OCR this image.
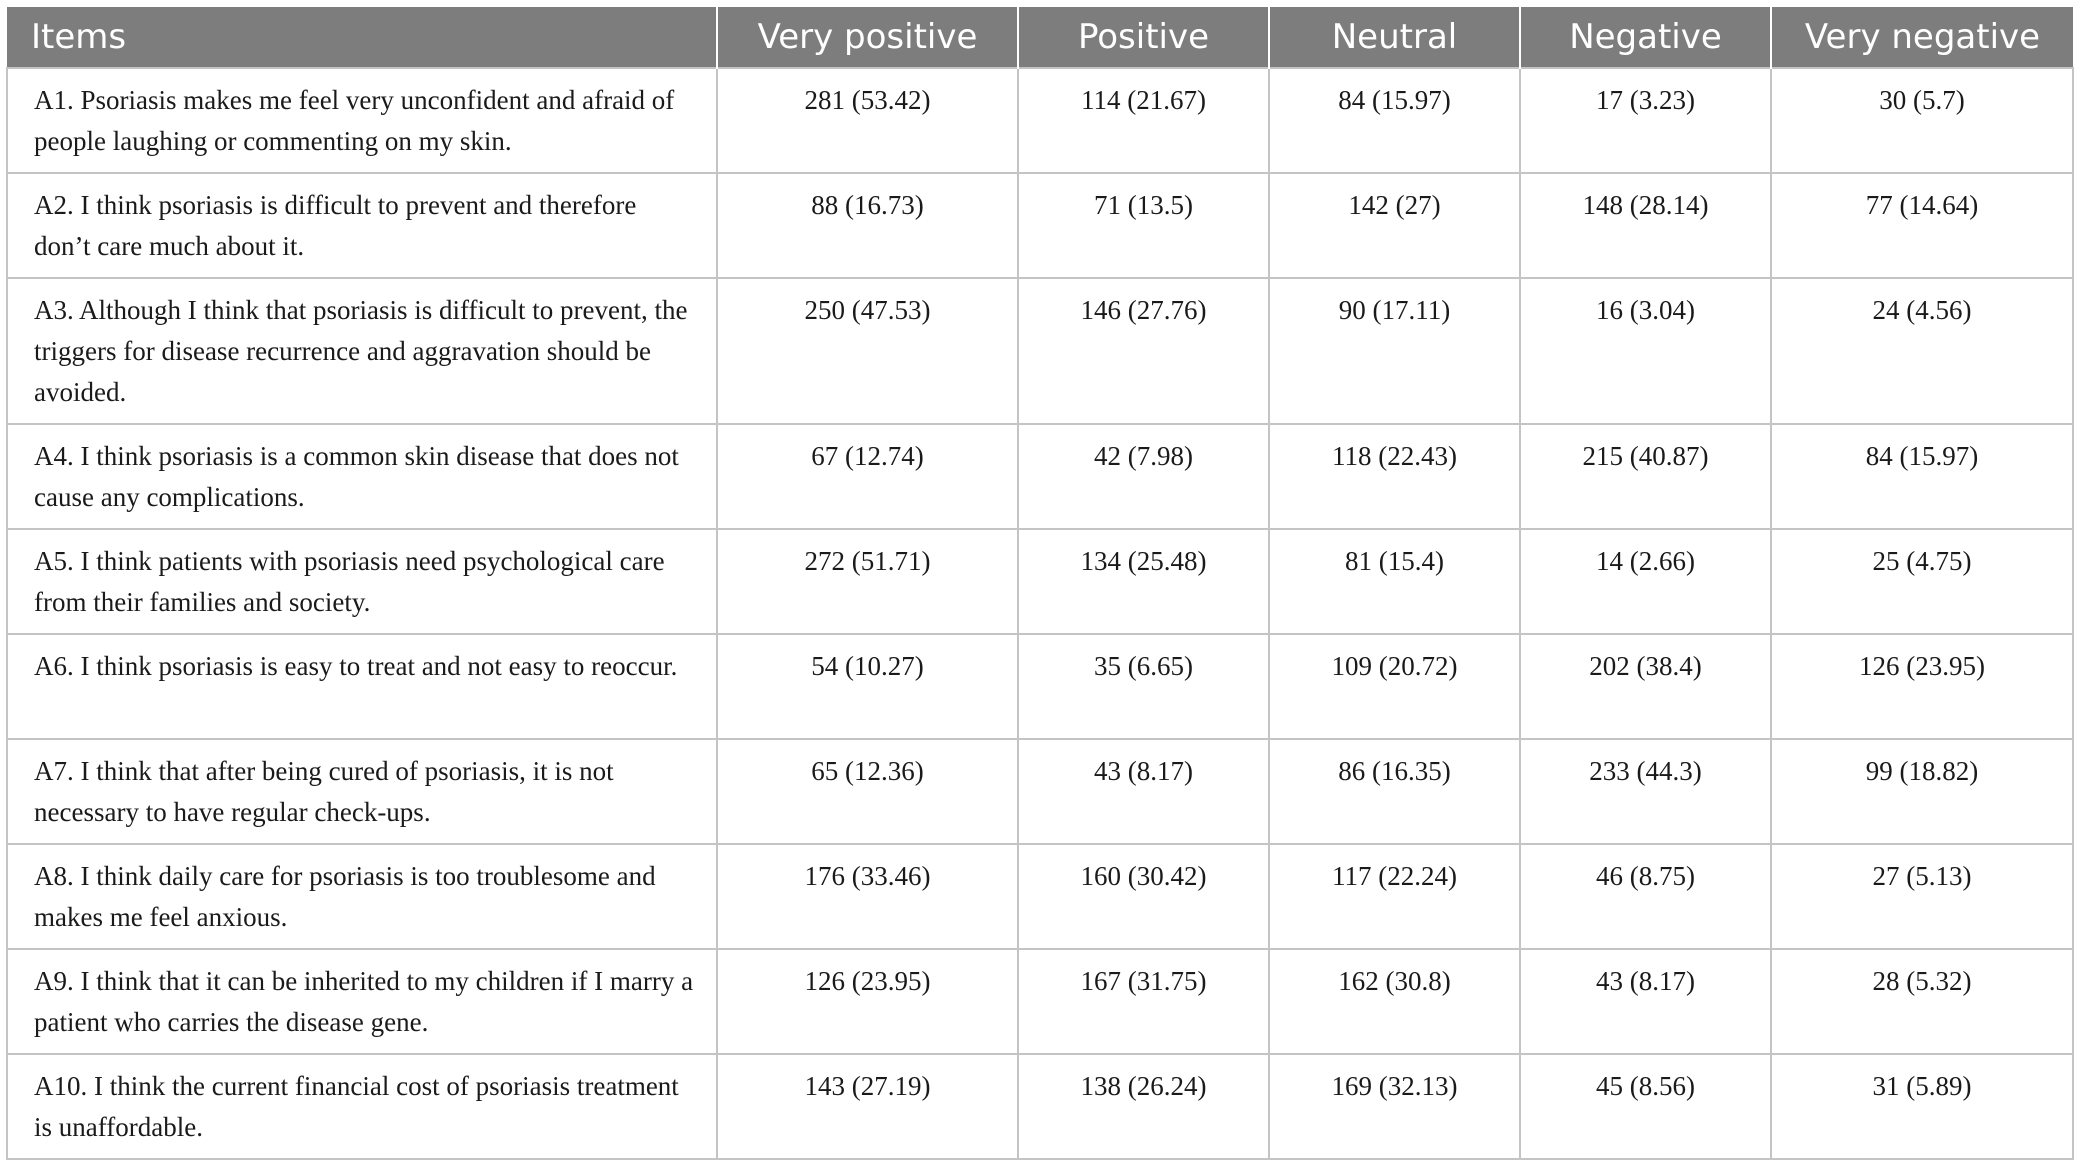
Items	Very positive	Positive	Neutral	Negative	Very negative
A1. Psoriasis makes me feel very unconfident and afraid of people laughing or commenting on my skin.	281 (53.42)	114 (21.67)	84 (15.97)	17 (3.23)	30 (5.7)
A2. I think psoriasis is difficult to prevent and therefore don’t care much about it.	88 (16.73)	71 (13.5)	142 (27)	148 (28.14)	77 (14.64)
A3. Although I think that psoriasis is difficult to prevent, the triggers for disease recurrence and aggravation should be avoided.	250 (47.53)	146 (27.76)	90 (17.11)	16 (3.04)	24 (4.56)
A4. I think psoriasis is a common skin disease that does not cause any complications.	67 (12.74)	42 (7.98)	118 (22.43)	215 (40.87)	84 (15.97)
A5. I think patients with psoriasis need psychological care from their families and society.	272 (51.71)	134 (25.48)	81 (15.4)	14 (2.66)	25 (4.75)
A6. I think psoriasis is easy to treat and not easy to reoccur.	54 (10.27)	35 (6.65)	109 (20.72)	202 (38.4)	126 (23.95)
A7. I think that after being cured of psoriasis, it is not necessary to have regular check-ups.	65 (12.36)	43 (8.17)	86 (16.35)	233 (44.3)	99 (18.82)
A8. I think daily care for psoriasis is too troublesome and makes me feel anxious.	176 (33.46)	160 (30.42)	117 (22.24)	46 (8.75)	27 (5.13)
A9. I think that it can be inherited to my children if I marry a patient who carries the disease gene.	126 (23.95)	167 (31.75)	162 (30.8)	43 (8.17)	28 (5.32)
A10. I think the current financial cost of psoriasis treatment is unaffordable.	143 (27.19)	138 (26.24)	169 (32.13)	45 (8.56)	31 (5.89)
